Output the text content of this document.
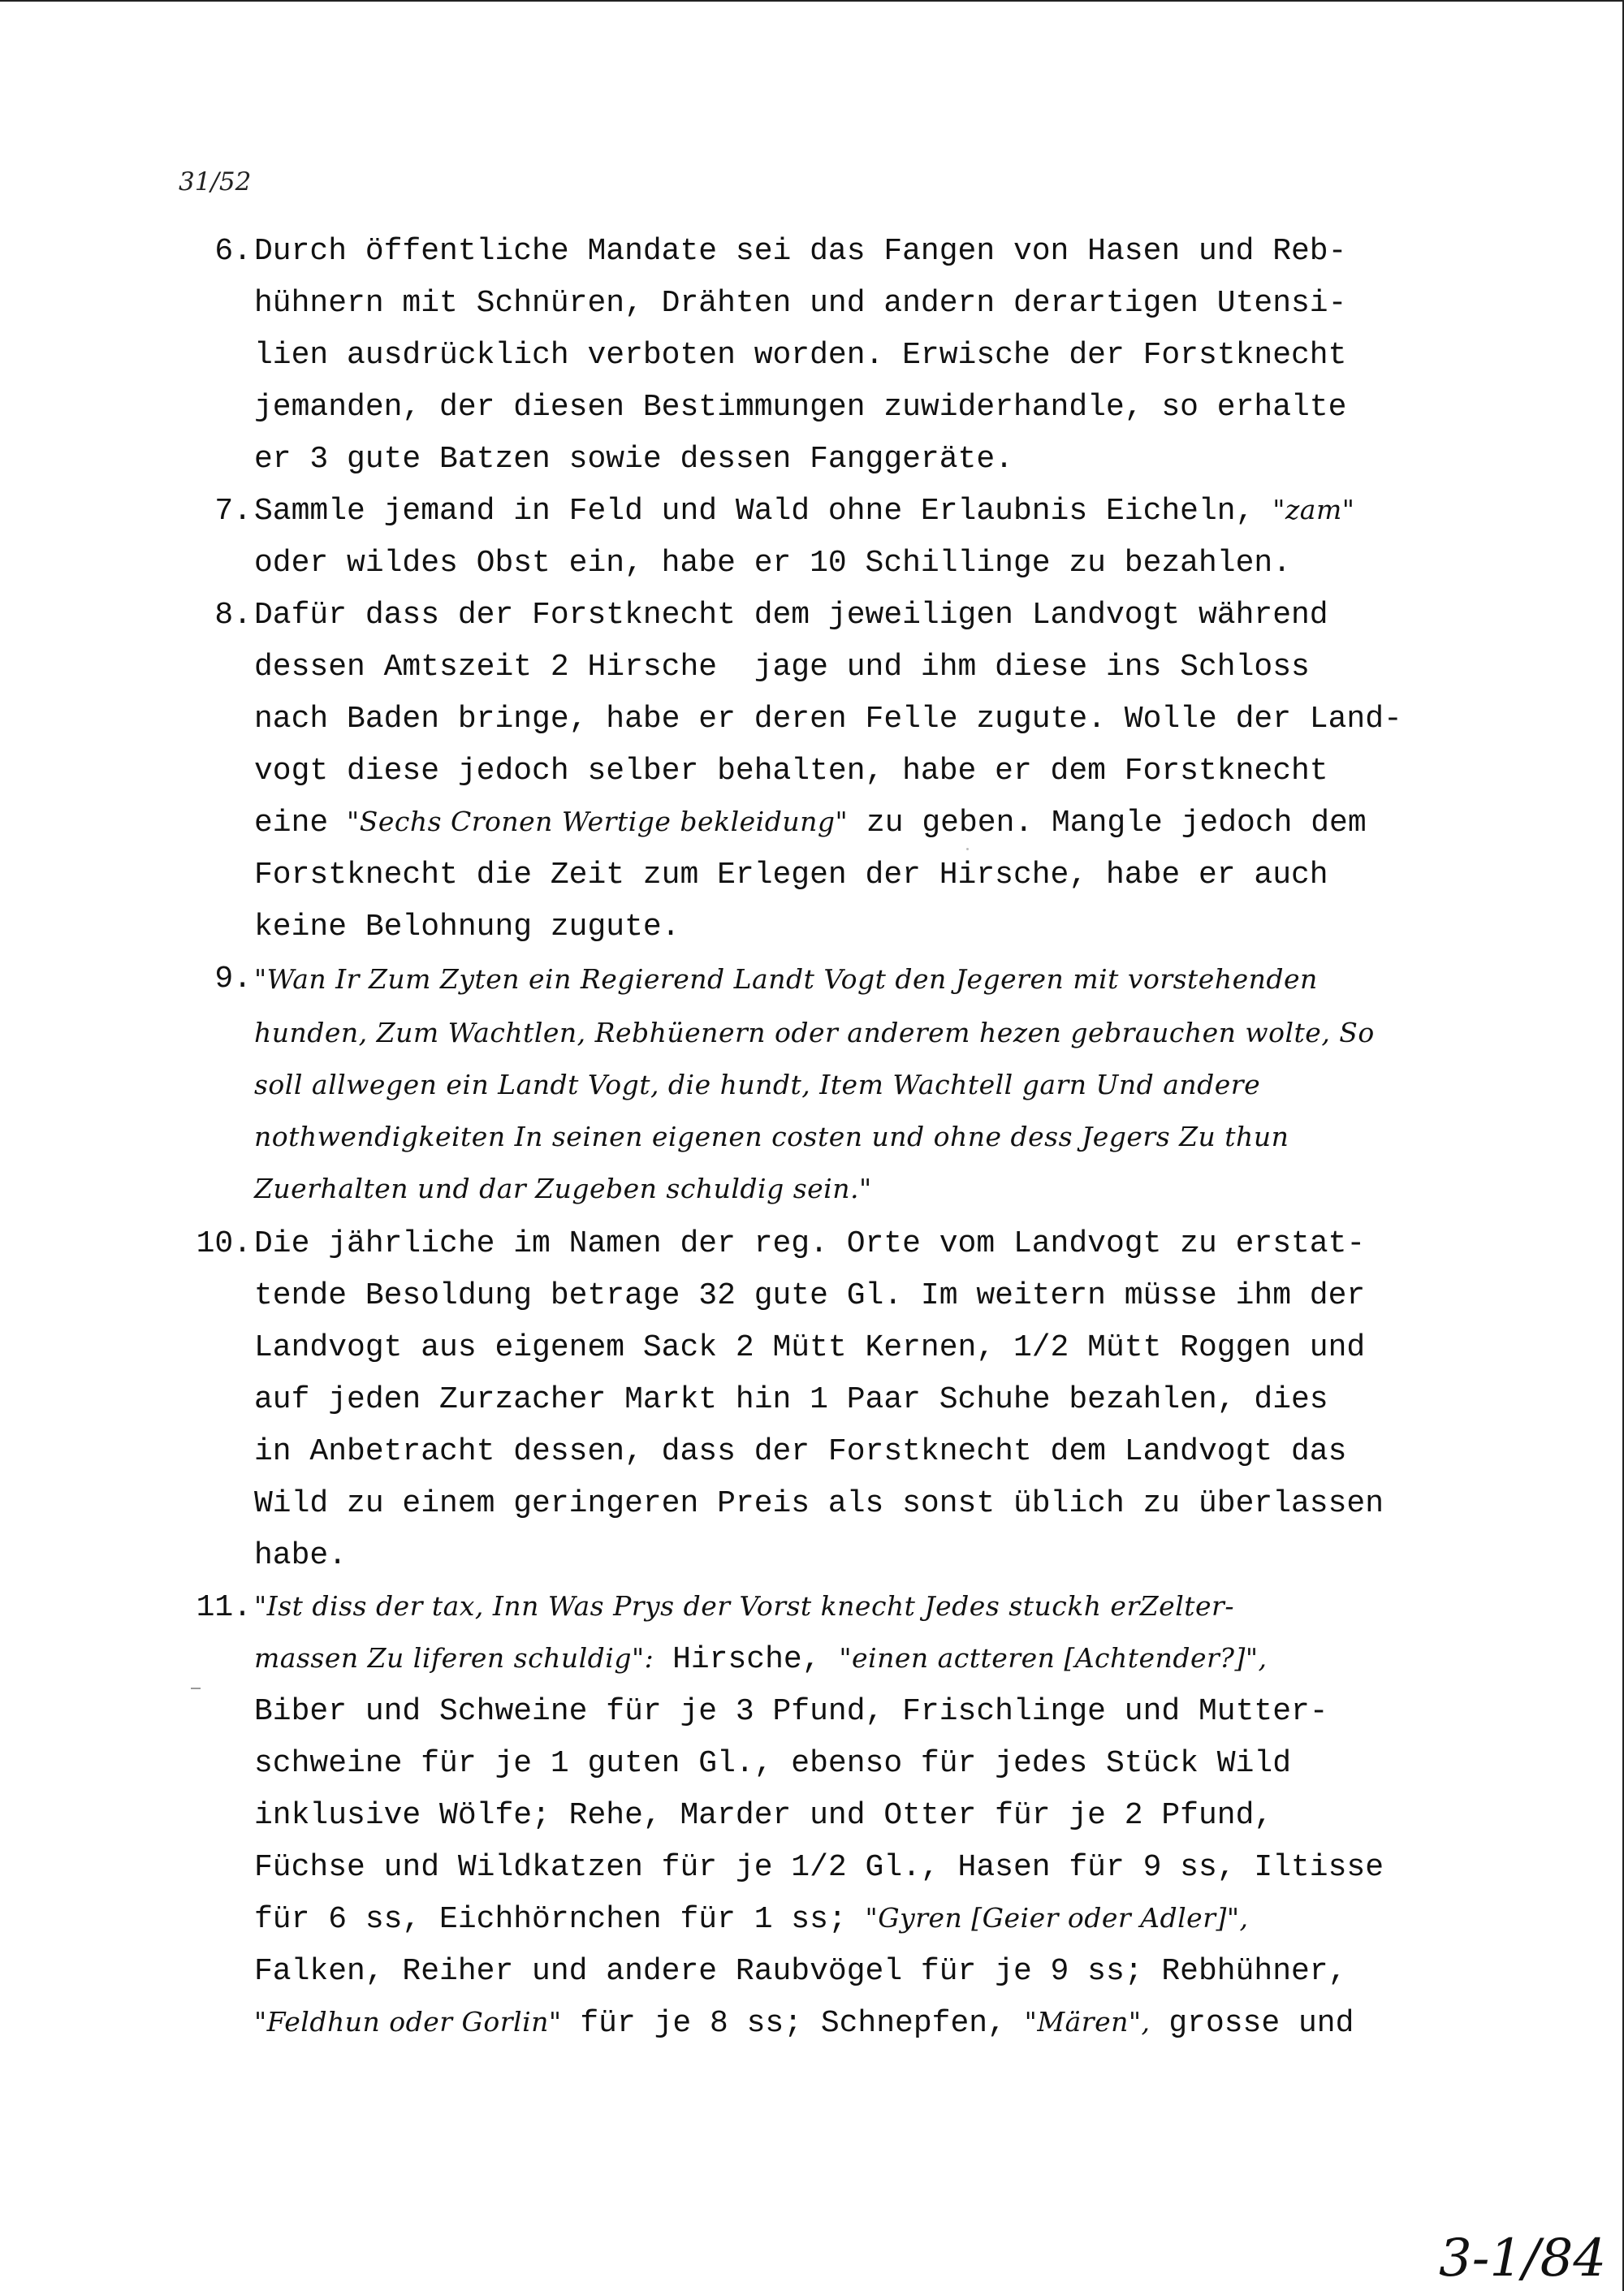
31/52
6. Durch öffentliche Mandate sei das Fangen von Hasen und Reb-
hühnern mit Schnüren, Drähten und andern derartigen Utensi-
lien ausdrücklich verboten worden. Erwische der Forstknecht
jemanden, der diesen Bestimmungen zuwiderhandle, so erhalte
er 3 gute Batzen sowie dessen Fanggeräte.
7. Sammle jemand in Feld und Wald ohne Erlaubnis Eicheln, "zam"
oder wildes Obst ein, habe er 10 Schillinge zu bezahlen.
8. Dafür dass der Forstknecht dem jeweiligen Landvogt während
dessen Amtszeit 2 Hirsche  jage und ihm diese ins Schloss
nach Baden bringe, habe er deren Felle zugute. Wolle der Land-
vogt diese jedoch selber behalten, habe er dem Forstknecht
eine "Sechs Cronen Wertige bekleidung" zu geben. Mangle jedoch dem
Forstknecht die Zeit zum Erlegen der Hirsche, habe er auch
keine Belohnung zugute.
9. "Wan Ir Zum Zyten ein Regierend Landt Vogt den Jegeren mit vorstehenden
hunden, Zum Wachtlen, Rebhüenern oder anderem hezen gebrauchen wolte, So
soll allwegen ein Landt Vogt, die hundt, Item Wachtell garn Und andere
nothwendigkeiten In seinen eigenen costen und ohne dess Jegers Zu thun
Zuerhalten und dar Zugeben schuldig sein."
10. Die jährliche im Namen der reg. Orte vom Landvogt zu erstat-
tende Besoldung betrage 32 gute Gl. Im weitern müsse ihm der
Landvogt aus eigenem Sack 2 Mütt Kernen, 1/2 Mütt Roggen und
auf jeden Zurzacher Markt hin 1 Paar Schuhe bezahlen, dies
in Anbetracht dessen, dass der Forstknecht dem Landvogt das
Wild zu einem geringeren Preis als sonst üblich zu überlassen
habe.
11. "Ist diss der tax, Inn Was Prys der Vorst knecht Jedes stuckh erZelter-
massen Zu liferen schuldig": Hirsche, "einen actteren [Achtender?]",
Biber und Schweine für je 3 Pfund, Frischlinge und Mutter-
schweine für je 1 guten Gl., ebenso für jedes Stück Wild
inklusive Wölfe; Rehe, Marder und Otter für je 2 Pfund,
Füchse und Wildkatzen für je 1/2 Gl., Hasen für 9 ss, Iltisse
für 6 ss, Eichhörnchen für 1 ss; "Gyren [Geier oder Adler]",
Falken, Reiher und andere Raubvögel für je 9 ss; Rebhühner,
"Feldhun oder Gorlin" für je 8 ss; Schnepfen, "Mären", grosse und
3-1/84
